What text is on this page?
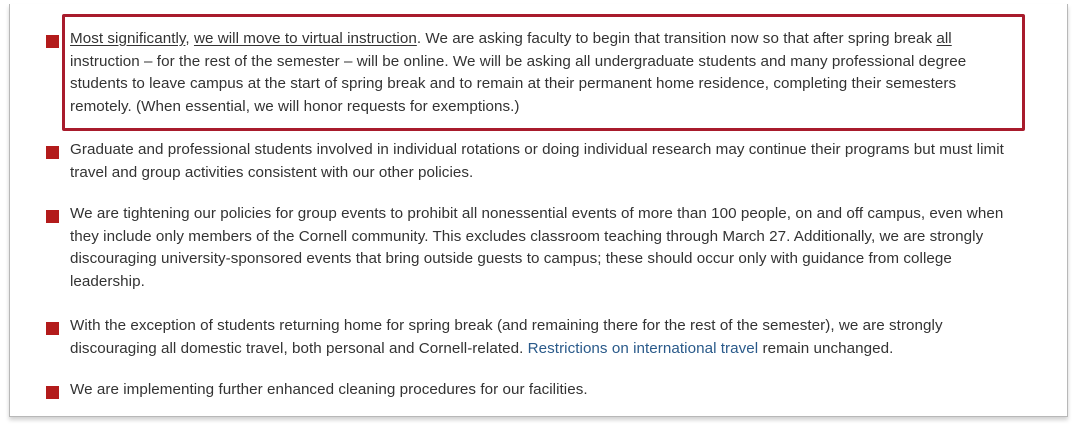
Most significantly, we will move to virtual instruction. We are asking faculty to begin that transition now so that after spring break all
instruction – for the rest of the semester – will be online. We will be asking all undergraduate students and many professional degree
students to leave campus at the start of spring break and to remain at their permanent home residence, completing their semesters
remotely. (When essential, we will honor requests for exemptions.)
Graduate and professional students involved in individual rotations or doing individual research may continue their programs but must limit
travel and group activities consistent with our other policies.
We are tightening our policies for group events to prohibit all nonessential events of more than 100 people, on and off campus, even when
they include only members of the Cornell community. This excludes classroom teaching through March 27. Additionally, we are strongly
discouraging university-sponsored events that bring outside guests to campus; these should occur only with guidance from college
leadership.
With the exception of students returning home for spring break (and remaining there for the rest of the semester), we are strongly
discouraging all domestic travel, both personal and Cornell-related. Restrictions on international travel remain unchanged.
We are implementing further enhanced cleaning procedures for our facilities.
